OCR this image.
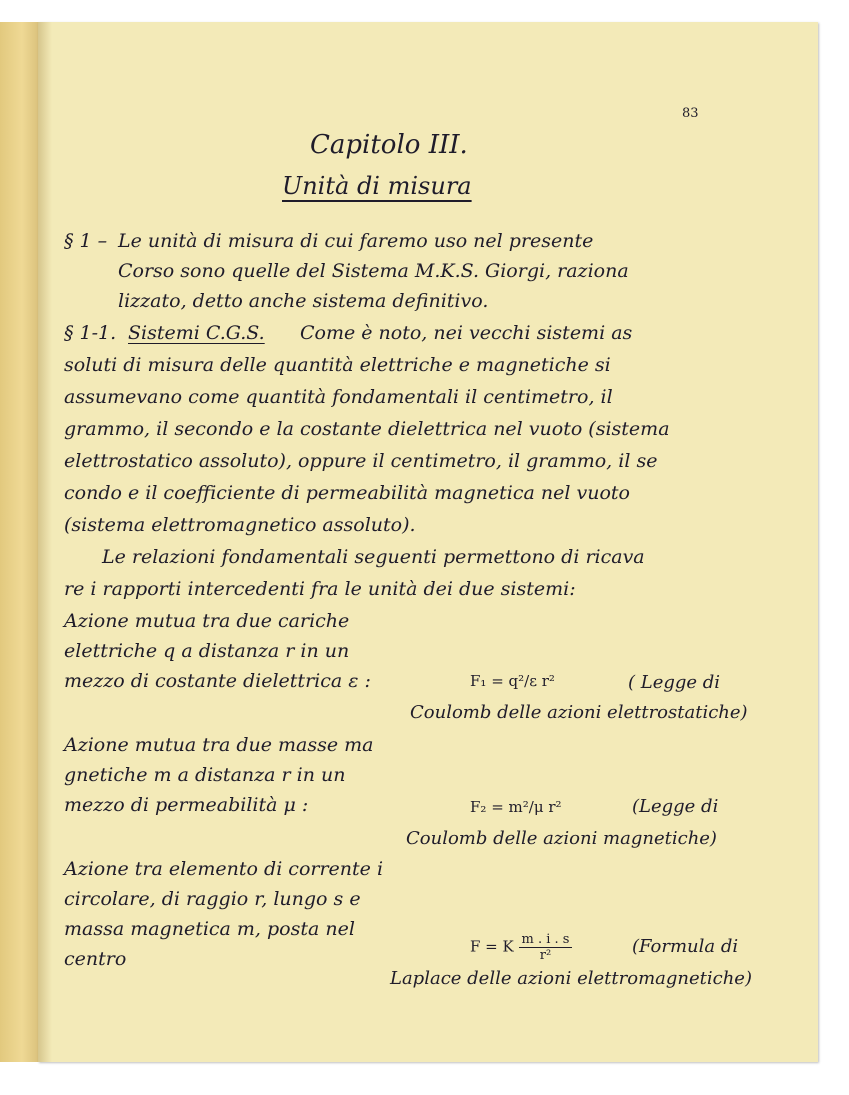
83
Capitolo III.
Unità di misura
§ 1 – Le unità di misura di cui faremo uso nel presente
Corso sono quelle del Sistema M.K.S. Giorgi, raziona
lizzato, detto anche sistema definitivo.
§ 1-1. Sistemi C.G.S. Come è noto, nei vecchi sistemi as
soluti di misura delle quantità elettriche e magnetiche si
assumevano come quantità fondamentali il centimetro, il
grammo, il secondo e la costante dielettrica nel vuoto (sistema
elettrostatico assoluto), oppure il centimetro, il grammo, il se
condo e il coefficiente di permeabilità magnetica nel vuoto
(sistema elettromagnetico assoluto).
Le relazioni fondamentali seguenti permettono di ricava
re i rapporti intercedenti fra le unità dei due sistemi:
Azione mutua tra due cariche
elettriche q a distanza r in un
mezzo di costante dielettrica ε :	F₁ = q²/ε r²	( Legge di
Coulomb delle azioni elettrostatiche)
Azione mutua tra due masse ma
gnetiche m a distanza r in un
mezzo di permeabilità μ :	F₂ = m²/μ r²	(Legge di
Coulomb delle azioni magnetiche)
Azione tra elemento di corrente i
circolare, di raggio r, lungo s e
massa magnetica m, posta nel
centro
F = K $\frac{m . i . s}{\text{r²}}$	(Formula di
Laplace delle azioni elettromagnetiche)
